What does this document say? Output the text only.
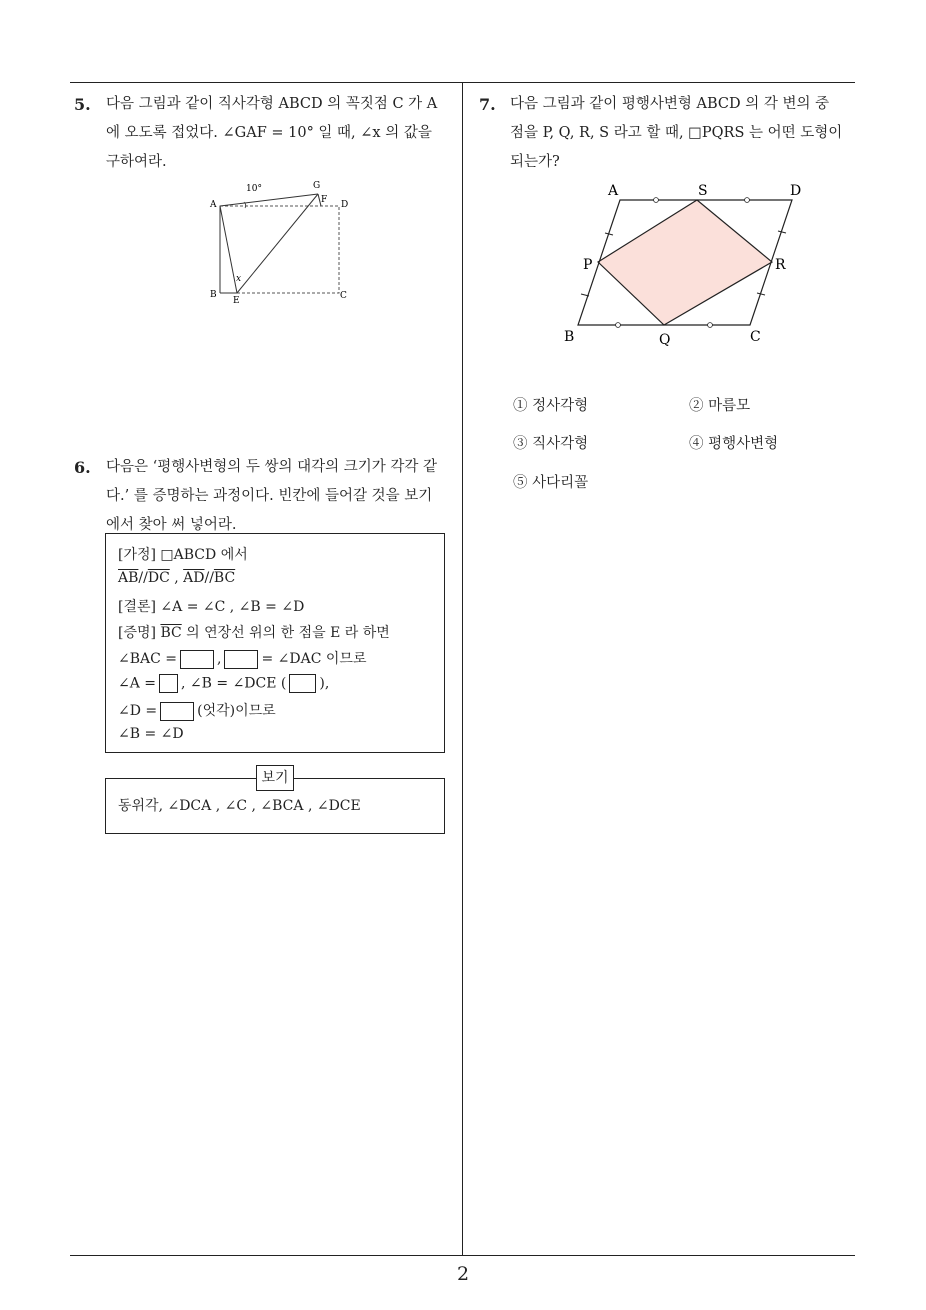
5. 다음 그림과 같이 직사각형 ABCD 의 꼭짓점 C 가 A
에 오도록 접었다. ∠GAF = 10° 일 때, ∠x 의 값을
구하여라.
10°
x
A
B	C
D
E
F
G
6. 다음은 ‘평행사변형의 두 쌍의 대각의 크기가 각각 같
다.’ 를 증명하는 과정이다. 빈칸에 들어갈 것을 보기
에서 찾아 써 넣어라.
[가정] □ABCD 에서
$\overline{AB}//\overline{DC}$ , $\overline{AD}//\overline{BC}$
[결론] ∠A = ∠C , ∠B = ∠D
[증명] $\overline{BC}$ 의 연장선 위의 한 점을 E 라 하면
∠BAC =	,	= ∠DAC 이므로
∠A = , ∠B = ∠DCE ( ),
∠D =	(엇각)이므로
∠B = ∠D
동위각, ∠DCA , ∠C , ∠BCA , ∠DCE
보기
7. 다음 그림과 같이 평행사변형 ABCD 의 각 변의 중
점을 P, Q, R, S 라고 할 때, □PQRS 는 어떤 도형이
되는가?
A	S	D
P	R
B	Q	C
① 정사각형	② 마름모
③ 직사각형	④ 평행사변형
⑤ 사다리꼴
2
